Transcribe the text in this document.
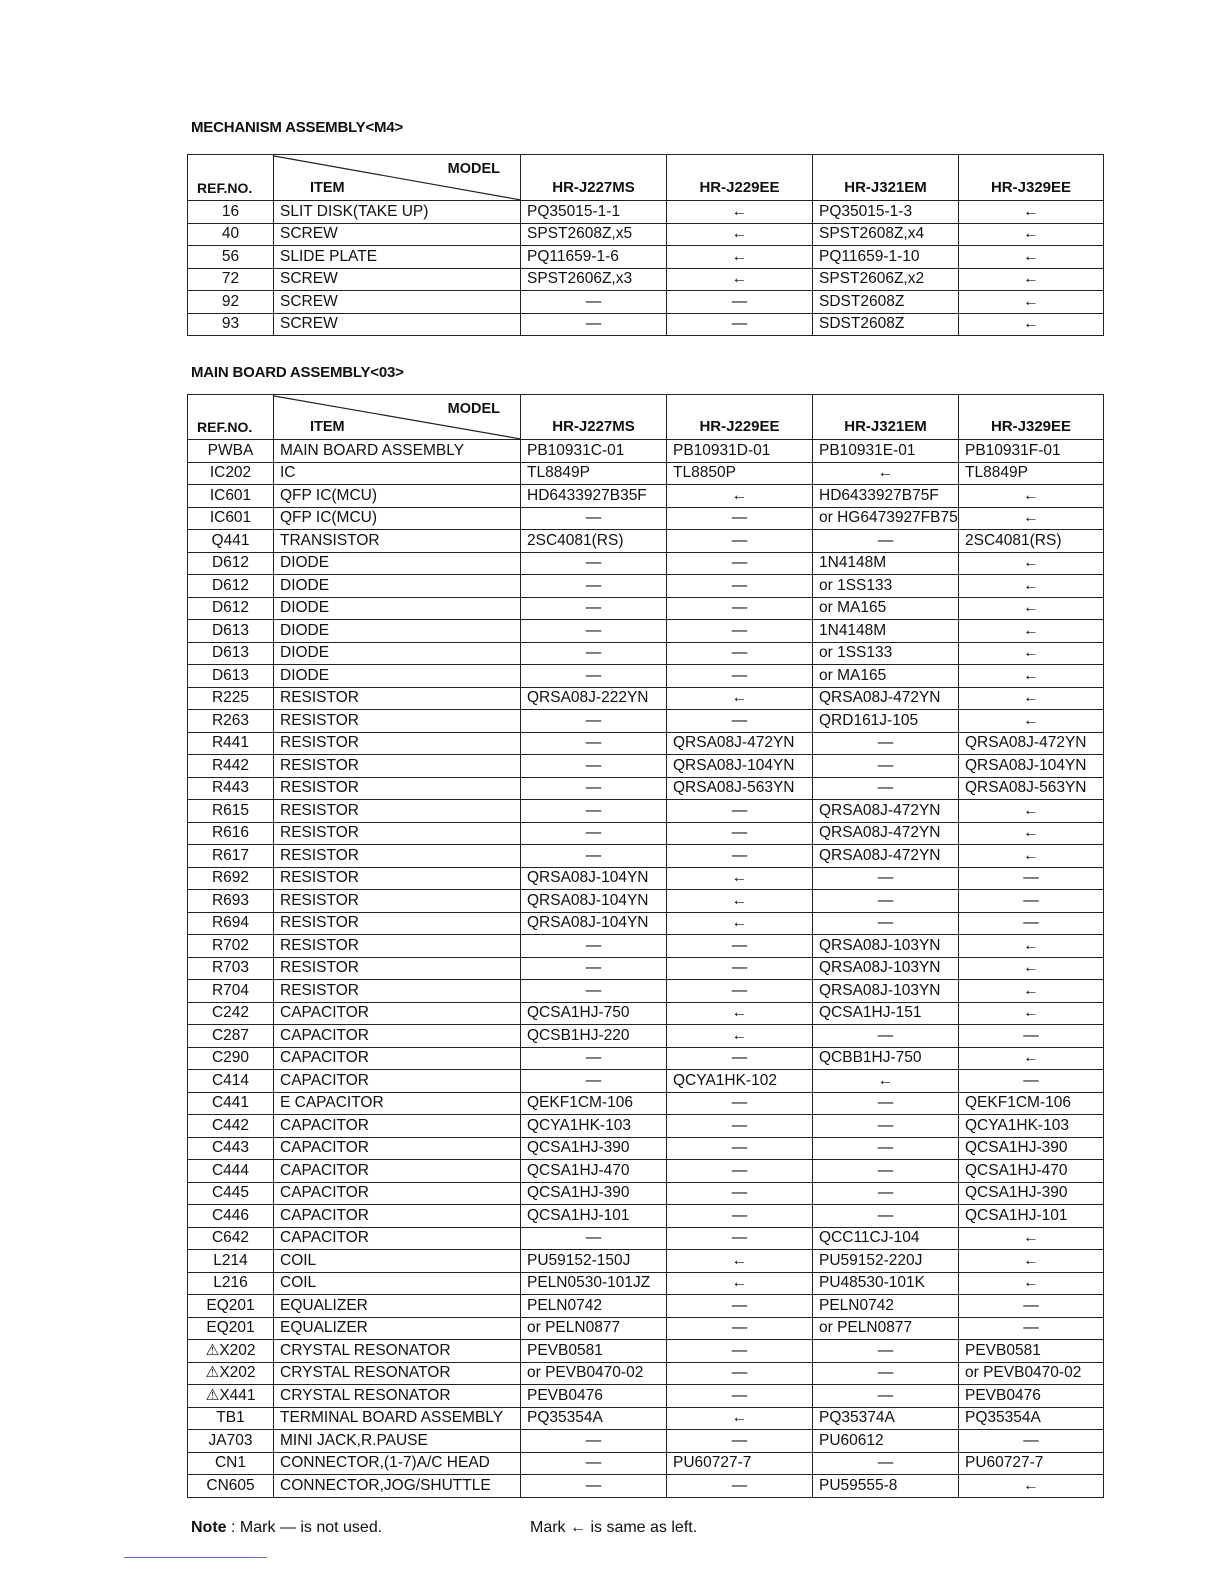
MECHANISM ASSEMBLY<M4>
REF.NO.	MODEL
ITEM	HR-J227MS	HR-J229EE	HR-J321EM	HR-J329EE
16	SLIT DISK(TAKE UP)	PQ35015-1-1	←	PQ35015-1-3	←
40	SCREW	SPST2608Z,x5	←	SPST2608Z,x4	←
56	SLIDE PLATE	PQ11659-1-6	←	PQ11659-1-10	←
72	SCREW	SPST2606Z,x3	←	SPST2606Z,x2	←
92	SCREW	—	—	SDST2608Z	←
93	SCREW	—	—	SDST2608Z	←
MAIN BOARD ASSEMBLY<03>
REF.NO.	MODEL
ITEM	HR-J227MS	HR-J229EE	HR-J321EM	HR-J329EE
PWBA	MAIN BOARD ASSEMBLY	PB10931C-01	PB10931D-01	PB10931E-01	PB10931F-01
IC202	IC	TL8849P	TL8850P	←	TL8849P
IC601	QFP IC(MCU)	HD6433927B35F	←	HD6433927B75F	←
IC601	QFP IC(MCU)	—	—	or HG6473927FB75	←
Q441	TRANSISTOR	2SC4081(RS)	—	—	2SC4081(RS)
D612	DIODE	—	—	1N4148M	←
D612	DIODE	—	—	or 1SS133	←
D612	DIODE	—	—	or MA165	←
D613	DIODE	—	—	1N4148M	←
D613	DIODE	—	—	or 1SS133	←
D613	DIODE	—	—	or MA165	←
R225	RESISTOR	QRSA08J-222YN	←	QRSA08J-472YN	←
R263	RESISTOR	—	—	QRD161J-105	←
R441	RESISTOR	—	QRSA08J-472YN	—	QRSA08J-472YN
R442	RESISTOR	—	QRSA08J-104YN	—	QRSA08J-104YN
R443	RESISTOR	—	QRSA08J-563YN	—	QRSA08J-563YN
R615	RESISTOR	—	—	QRSA08J-472YN	←
R616	RESISTOR	—	—	QRSA08J-472YN	←
R617	RESISTOR	—	—	QRSA08J-472YN	←
R692	RESISTOR	QRSA08J-104YN	←	—	—
R693	RESISTOR	QRSA08J-104YN	←	—	—
R694	RESISTOR	QRSA08J-104YN	←	—	—
R702	RESISTOR	—	—	QRSA08J-103YN	←
R703	RESISTOR	—	—	QRSA08J-103YN	←
R704	RESISTOR	—	—	QRSA08J-103YN	←
C242	CAPACITOR	QCSA1HJ-750	←	QCSA1HJ-151	←
C287	CAPACITOR	QCSB1HJ-220	←	—	—
C290	CAPACITOR	—	—	QCBB1HJ-750	←
C414	CAPACITOR	—	QCYA1HK-102	←	—
C441	E CAPACITOR	QEKF1CM-106	—	—	QEKF1CM-106
C442	CAPACITOR	QCYA1HK-103	—	—	QCYA1HK-103
C443	CAPACITOR	QCSA1HJ-390	—	—	QCSA1HJ-390
C444	CAPACITOR	QCSA1HJ-470	—	—	QCSA1HJ-470
C445	CAPACITOR	QCSA1HJ-390	—	—	QCSA1HJ-390
C446	CAPACITOR	QCSA1HJ-101	—	—	QCSA1HJ-101
C642	CAPACITOR	—	—	QCC11CJ-104	←
L214	COIL	PU59152-150J	←	PU59152-220J	←
L216	COIL	PELN0530-101JZ	←	PU48530-101K	←
EQ201	EQUALIZER	PELN0742	—	PELN0742	—
EQ201	EQUALIZER	or PELN0877	—	or PELN0877	—
⚠X202	CRYSTAL RESONATOR	PEVB0581	—	—	PEVB0581
⚠X202	CRYSTAL RESONATOR	or PEVB0470-02	—	—	or PEVB0470-02
⚠X441	CRYSTAL RESONATOR	PEVB0476	—	—	PEVB0476
TB1	TERMINAL BOARD ASSEMBLY	PQ35354A	←	PQ35374A	PQ35354A
JA703	MINI JACK,R.PAUSE	—	—	PU60612	—
CN1	CONNECTOR,(1-7)A/C HEAD	—	PU60727-7	—	PU60727-7
CN605	CONNECTOR,JOG/SHUTTLE	—	—	PU59555-8	←
Note : Mark — is not used.	Mark ← is same as left.
